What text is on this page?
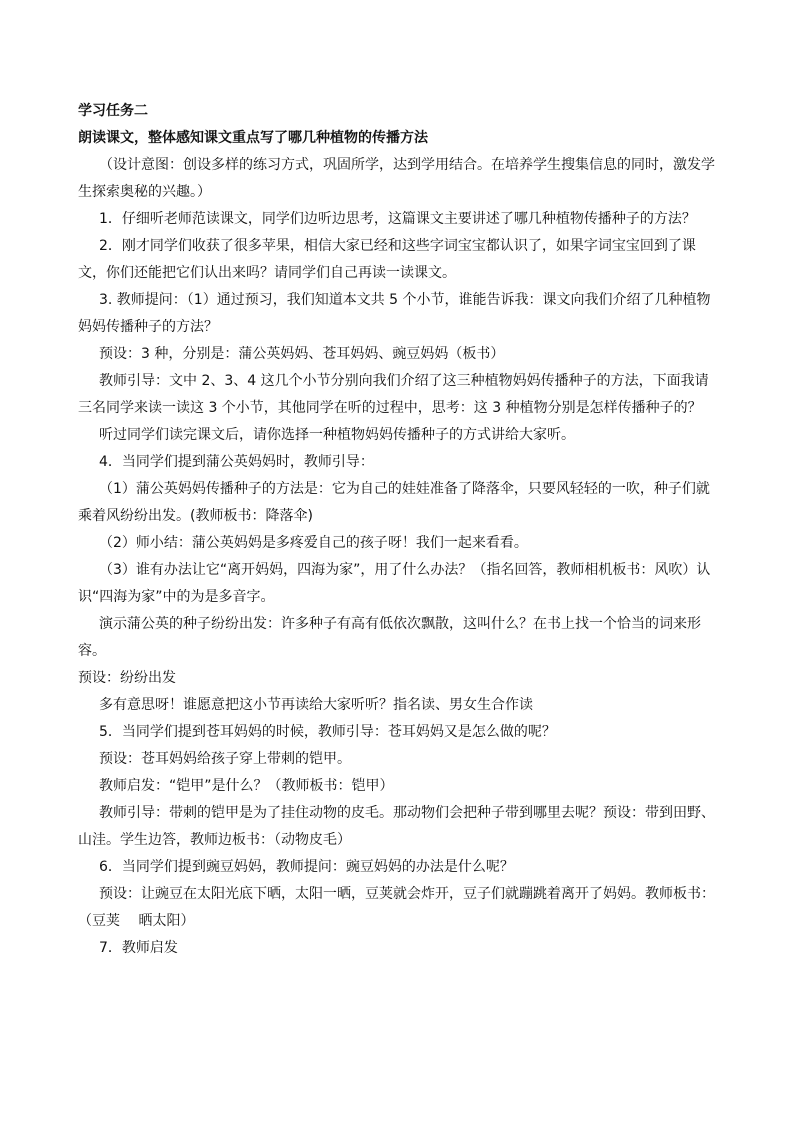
学习任务二

朗读课文，整体感知课文重点写了哪几种植物的传播方法

（设计意图：创设多样的练习方式，巩固所学，达到学用结合。在培养学生搜集信息的同时，激发学生探索奥秘的兴趣。）

1．仔细听老师范读课文，同学们边听边思考，这篇课文主要讲述了哪几种植物传播种子的方法？

2．刚才同学们收获了很多苹果，相信大家已经和这些字词宝宝都认识了，如果字词宝宝回到了课文，你们还能把它们认出来吗？请同学们自己再读一读课文。

3. 教师提问：（1）通过预习，我们知道本文共 5 个小节，谁能告诉我：课文向我们介绍了几种植物妈妈传播种子的方法？

预设：3 种，分别是：蒲公英妈妈、苍耳妈妈、豌豆妈妈（板书）

教师引导：文中 2、3、4 这几个小节分别向我们介绍了这三种植物妈妈传播种子的方法，下面我请三名同学来读一读这 3 个小节，其他同学在听的过程中，思考：这 3 种植物分别是怎样传播种子的？

听过同学们读完课文后，请你选择一种植物妈妈传播种子的方式讲给大家听。

4．当同学们提到蒲公英妈妈时，教师引导：

（1）蒲公英妈妈传播种子的方法是：它为自己的娃娃准备了降落伞，只要风轻轻的一吹，种子们就乘着风纷纷出发。(教师板书：降落伞)

（2）师小结：蒲公英妈妈是多疼爱自己的孩子呀！我们一起来看看。

（3）谁有办法让它“离开妈妈，四海为家”，用了什么办法？（指名回答，教师相机板书：风吹）认识“四海为家”中的为是多音字。

演示蒲公英的种子纷纷出发：许多种子有高有低依次飘散，这叫什么？在书上找一个恰当的词来形容。

预设：纷纷出发

多有意思呀！谁愿意把这小节再读给大家听听？指名读、男女生合作读

5．当同学们提到苍耳妈妈的时候，教师引导：苍耳妈妈又是怎么做的呢？

预设：苍耳妈妈给孩子穿上带刺的铠甲。

教师启发：“铠甲”是什么？（教师板书：铠甲）

教师引导：带刺的铠甲是为了挂住动物的皮毛。那动物们会把种子带到哪里去呢？预设：带到田野、山洼。学生边答，教师边板书：（动物皮毛）

6．当同学们提到豌豆妈妈，教师提问：豌豆妈妈的办法是什么呢？

预设：让豌豆在太阳光底下晒，太阳一晒，豆荚就会炸开，豆子们就蹦跳着离开了妈妈。教师板书：（豆荚　 晒太阳）

7．教师启发
